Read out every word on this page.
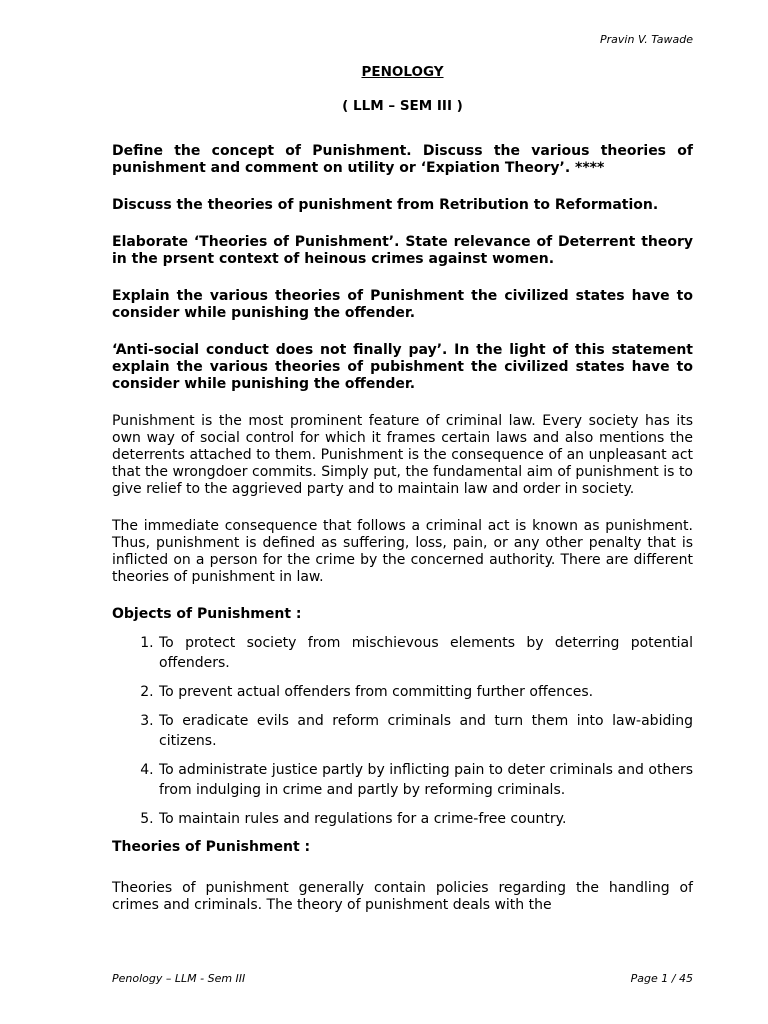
Pravin V. Tawade
PENOLOGY
( LLM – SEM III )

Define the concept of Punishment. Discuss the various theories of punishment and comment on utility or ‘Expiation Theory’. ****

Discuss the theories of punishment from Retribution to Reformation.

Elaborate ‘Theories of Punishment’. State relevance of Deterrent theory in the prsent context of heinous crimes against women.

Explain the various theories of Punishment the civilized states have to consider while punishing the offender.

‘Anti-social conduct does not finally pay’. In the light of this statement explain the various theories of pubishment the civilized states have to consider while punishing the offender.

Punishment is the most prominent feature of criminal law. Every society has its own way of social control for which it frames certain laws and also mentions the deterrents attached to them. Punishment is the consequence of an unpleasant act that the wrongdoer commits. Simply put, the fundamental aim of punishment is to give relief to the aggrieved party and to maintain law and order in society.

The immediate consequence that follows a criminal act is known as punishment. Thus, punishment is defined as suffering, loss, pain, or any other penalty that is inflicted on a person for the crime by the concerned authority. There are different theories of punishment in law.

Objects of Punishment :
1. To protect society from mischievous elements by deterring potential offenders.
2. To prevent actual offenders from committing further offences.
3. To eradicate evils and reform criminals and turn them into law-abiding citizens.
4. To administrate justice partly by inflicting pain to deter criminals and others from indulging in crime and partly by reforming criminals.
5. To maintain rules and regulations for a crime-free country.
Theories of Punishment :

Theories of punishment generally contain policies regarding the handling of crimes and criminals. The theory of punishment deals with the

Penology – LLM - Sem III	Page 1 / 45
